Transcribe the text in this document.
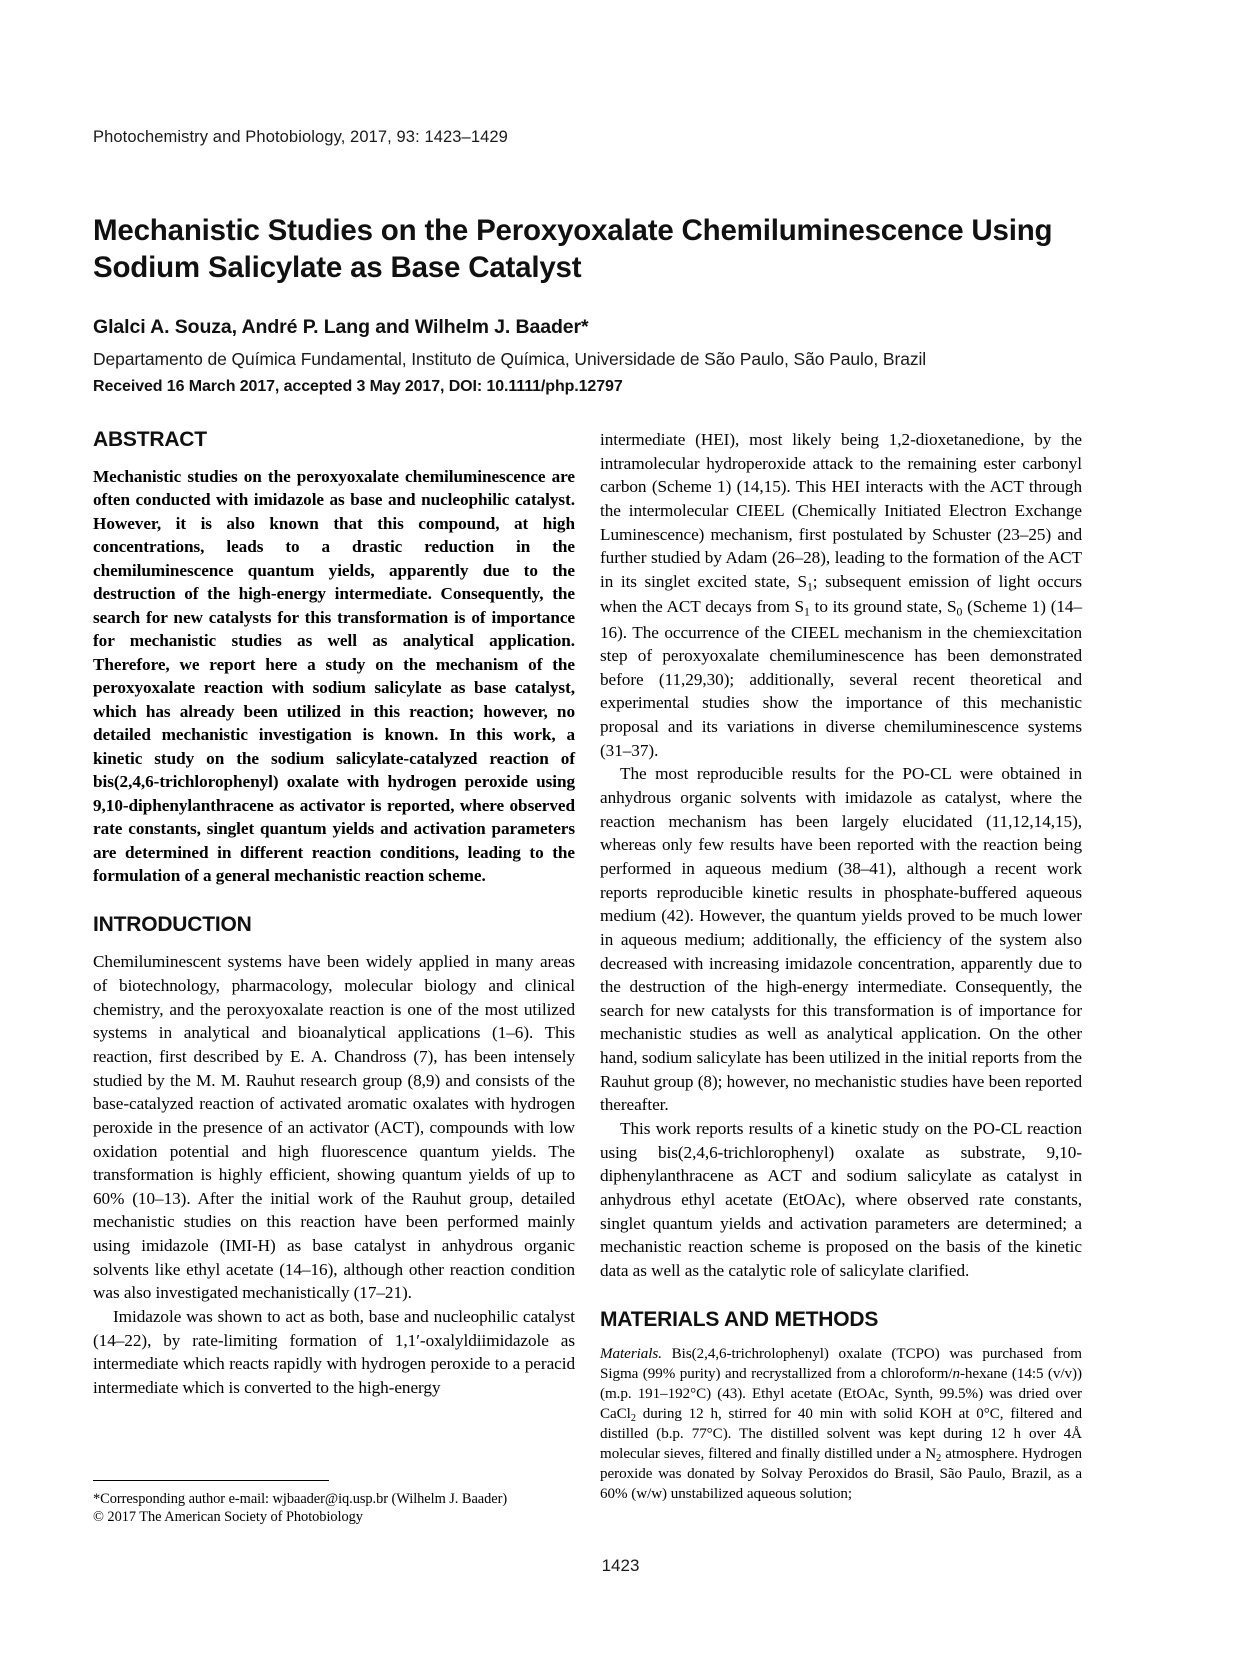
Photochemistry and Photobiology, 2017, 93: 1423–1429
Mechanistic Studies on the Peroxyoxalate Chemiluminescence Using Sodium Salicylate as Base Catalyst
Glalci A. Souza, André P. Lang and Wilhelm J. Baader*
Departamento de Química Fundamental, Instituto de Química, Universidade de São Paulo, São Paulo, Brazil
Received 16 March 2017, accepted 3 May 2017, DOI: 10.1111/php.12797
ABSTRACT

Mechanistic studies on the peroxyoxalate chemiluminescence are often conducted with imidazole as base and nucleophilic catalyst. However, it is also known that this compound, at high concentrations, leads to a drastic reduction in the chemiluminescence quantum yields, apparently due to the destruction of the high-energy intermediate. Consequently, the search for new catalysts for this transformation is of importance for mechanistic studies as well as analytical application. Therefore, we report here a study on the mechanism of the peroxyoxalate reaction with sodium salicylate as base catalyst, which has already been utilized in this reaction; however, no detailed mechanistic investigation is known. In this work, a kinetic study on the sodium salicylate-catalyzed reaction of bis(2,4,6-trichlorophenyl) oxalate with hydrogen peroxide using 9,10-diphenylanthracene as activator is reported, where observed rate constants, singlet quantum yields and activation parameters are determined in different reaction conditions, leading to the formulation of a general mechanistic reaction scheme.

INTRODUCTION

Chemiluminescent systems have been widely applied in many areas of biotechnology, pharmacology, molecular biology and clinical chemistry, and the peroxyoxalate reaction is one of the most utilized systems in analytical and bioanalytical applications (1–6). This reaction, first described by E. A. Chandross (7), has been intensely studied by the M. M. Rauhut research group (8,9) and consists of the base-catalyzed reaction of activated aromatic oxalates with hydrogen peroxide in the presence of an activator (ACT), compounds with low oxidation potential and high fluorescence quantum yields. The transformation is highly efficient, showing quantum yields of up to 60% (10–13). After the initial work of the Rauhut group, detailed mechanistic studies on this reaction have been performed mainly using imidazole (IMI-H) as base catalyst in anhydrous organic solvents like ethyl acetate (14–16), although other reaction condition was also investigated mechanistically (17–21).

Imidazole was shown to act as both, base and nucleophilic catalyst (14–22), by rate-limiting formation of 1,1′-oxalyldiimidazole as intermediate which reacts rapidly with hydrogen peroxide to a peracid intermediate which is converted to the high-energy

intermediate (HEI), most likely being 1,2-dioxetanedione, by the intramolecular hydroperoxide attack to the remaining ester carbonyl carbon (Scheme 1) (14,15). This HEI interacts with the ACT through the intermolecular CIEEL (Chemically Initiated Electron Exchange Luminescence) mechanism, first postulated by Schuster (23–25) and further studied by Adam (26–28), leading to the formation of the ACT in its singlet excited state, $S_1$; subsequent emission of light occurs when the ACT decays from $S_1$ to its ground state, $S_0$ (Scheme 1) (14–16). The occurrence of the CIEEL mechanism in the chemiexcitation step of peroxyoxalate chemiluminescence has been demonstrated before (11,29,30); additionally, several recent theoretical and experimental studies show the importance of this mechanistic proposal and its variations in diverse chemiluminescence systems (31–37).

The most reproducible results for the PO-CL were obtained in anhydrous organic solvents with imidazole as catalyst, where the reaction mechanism has been largely elucidated (11,12,14,15), whereas only few results have been reported with the reaction being performed in aqueous medium (38–41), although a recent work reports reproducible kinetic results in phosphate-buffered aqueous medium (42). However, the quantum yields proved to be much lower in aqueous medium; additionally, the efficiency of the system also decreased with increasing imidazole concentration, apparently due to the destruction of the high-energy intermediate. Consequently, the search for new catalysts for this transformation is of importance for mechanistic studies as well as analytical application. On the other hand, sodium salicylate has been utilized in the initial reports from the Rauhut group (8); however, no mechanistic studies have been reported thereafter.

This work reports results of a kinetic study on the PO-CL reaction using bis(2,4,6-trichlorophenyl) oxalate as substrate, 9,10-diphenylanthracene as ACT and sodium salicylate as catalyst in anhydrous ethyl acetate (EtOAc), where observed rate constants, singlet quantum yields and activation parameters are determined; a mechanistic reaction scheme is proposed on the basis of the kinetic data as well as the catalytic role of salicylate clarified.

MATERIALS AND METHODS

Materials. Bis(2,4,6-trichrolophenyl) oxalate (TCPO) was purchased from Sigma (99% purity) and recrystallized from a chloroform/n-hexane (14:5 (v/v)) (m.p. 191–192°C) (43). Ethyl acetate (EtOAc, Synth, 99.5%) was dried over CaCl$_2$ during 12 h, stirred for 40 min with solid KOH at 0°C, filtered and distilled (b.p. 77°C). The distilled solvent was kept during 12 h over 4Å molecular sieves, filtered and finally distilled under a $N_2$ atmosphere. Hydrogen peroxide was donated by Solvay Peroxidos do Brasil, São Paulo, Brazil, as a 60% (w/w) unstabilized aqueous solution;

*Corresponding author e-mail: wjbaader@iq.usp.br (Wilhelm J. Baader)

© 2017 The American Society of Photobiology

1423
